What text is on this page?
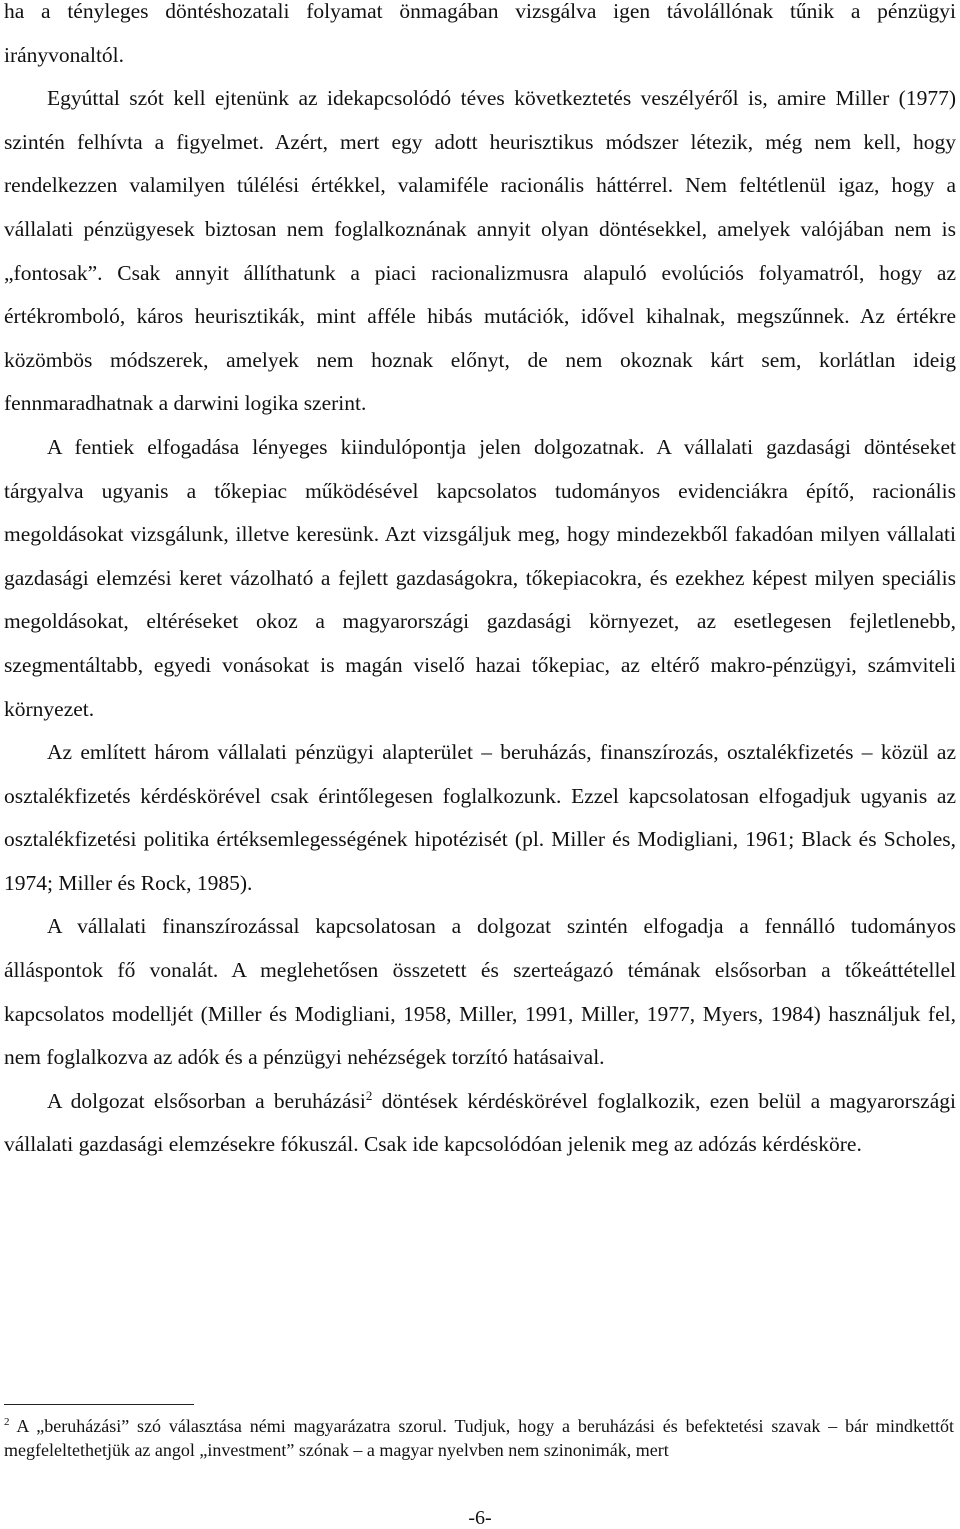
ha a tényleges döntéshozatali folyamat önmagában vizsgálva igen távolállónak tűnik a pénzügyi irányvonaltól.

Egyúttal szót kell ejtenünk az idekapcsolódó téves következtetés veszélyéről is, amire Miller (1977) szintén felhívta a figyelmet. Azért, mert egy adott heurisztikus módszer létezik, még nem kell, hogy rendelkezzen valamilyen túlélési értékkel, valamiféle racionális háttérrel. Nem feltétlenül igaz, hogy a vállalati pénzügyesek biztosan nem foglalkoznának annyit olyan döntésekkel, amelyek valójában nem is „fontosak”. Csak annyit állíthatunk a piaci racionalizmusra alapuló evolúciós folyamatról, hogy az értékromboló, káros heurisztikák, mint afféle hibás mutációk, idővel kihalnak, megszűnnek. Az értékre közömbös módszerek, amelyek nem hoznak előnyt, de nem okoznak kárt sem, korlátlan ideig fennmaradhatnak a darwini logika szerint.

A fentiek elfogadása lényeges kiindulópontja jelen dolgozatnak. A vállalati gazdasági döntéseket tárgyalva ugyanis a tőkepiac működésével kapcsolatos tudományos evidenciákra építő, racionális megoldásokat vizsgálunk, illetve keresünk. Azt vizsgáljuk meg, hogy mindezekből fakadóan milyen vállalati gazdasági elemzési keret vázolható a fejlett gazdaságokra, tőkepiacokra, és ezekhez képest milyen speciális megoldásokat, eltéréseket okoz a magyarországi gazdasági környezet, az esetlegesen fejletlenebb, szegmentáltabb, egyedi vonásokat is magán viselő hazai tőkepiac, az eltérő makro-pénzügyi, számviteli környezet.

Az említett három vállalati pénzügyi alapterület – beruházás, finanszírozás, osztalékfizetés – közül az osztalékfizetés kérdéskörével csak érintőlegesen foglalkozunk. Ezzel kapcsolatosan elfogadjuk ugyanis az osztalékfizetési politika értéksemlegességének hipotézisét (pl. Miller és Modigliani, 1961; Black és Scholes, 1974; Miller és Rock, 1985).

A vállalati finanszírozással kapcsolatosan a dolgozat szintén elfogadja a fennálló tudományos álláspontok fő vonalát. A meglehetősen összetett és szerteágazó témának elsősorban a tőkeáttétellel kapcsolatos modelljét (Miller és Modigliani, 1958, Miller, 1991, Miller, 1977, Myers, 1984) használjuk fel, nem foglalkozva az adók és a pénzügyi nehézségek torzító hatásaival.

A dolgozat elsősorban a beruházási$^2$ döntések kérdéskörével foglalkozik, ezen belül a magyarországi vállalati gazdasági elemzésekre fókuszál. Csak ide kapcsolódóan jelenik meg az adózás kérdésköre.

$^2$ A „beruházási” szó választása némi magyarázatra szorul. Tudjuk, hogy a beruházási és befektetési szavak – bár mindkettőt megfeleltethetjük az angol „investment” szónak – a magyar nyelvben nem szinonimák, mert

-6-
